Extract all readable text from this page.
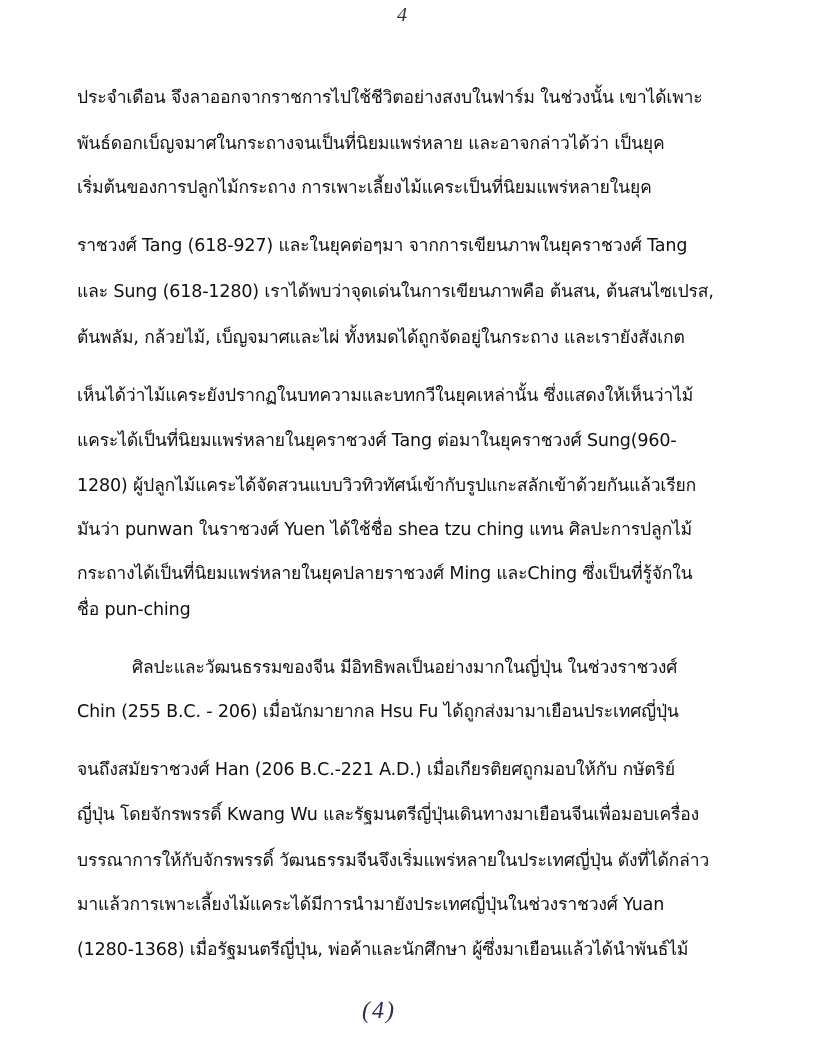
4
ประจำเดือน จึงลาออกจากราชการไปใช้ชีวิตอย่างสงบในฟาร์ม ในช่วงนั้น เขาได้เพาะ
พันธ์ดอกเบ็ญจมาศในกระถางจนเป็นที่นิยมแพร่หลาย และอาจกล่าวได้ว่า เป็นยุค
เริ่มต้นของการปลูกไม้กระถาง การเพาะเลี้ยงไม้แคระเป็นที่นิยมแพร่หลายในยุค
ราชวงศ์ Tang (618-927) และในยุคต่อๆมา จากการเขียนภาพในยุคราชวงศ์ Tang
และ Sung (618-1280) เราได้พบว่าจุดเด่นในการเขียนภาพคือ ต้นสน, ต้นสนไซเปรส,
ต้นพลัม, กล้วยไม้, เบ็ญจมาศและไผ่ ทั้งหมดได้ถูกจัดอยู่ในกระถาง และเรายังสังเกต
เห็นได้ว่าไม้แคระยังปรากฏในบทความและบทกวีในยุคเหล่านั้น ซึ่งแสดงให้เห็นว่าไม้
แคระได้เป็นที่นิยมแพร่หลายในยุคราชวงศ์ Tang ต่อมาในยุคราชวงศ์ Sung(960-
1280) ผู้ปลูกไม้แคระได้จัดสวนแบบวิวทิวทัศน์เข้ากับรูปแกะสลักเข้าด้วยกันแล้วเรียก
มันว่า punwan ในราชวงศ์ Yuen ได้ใช้ชื่อ shea tzu ching แทน ศิลปะการปลูกไม้
กระถางได้เป็นที่นิยมแพร่หลายในยุคปลายราชวงศ์ Ming และChing ซึ่งเป็นที่รู้จักใน
ชื่อ pun-ching
ศิลปะและวัฒนธรรมของจีน มีอิทธิพลเป็นอย่างมากในญี่ปุ่น ในช่วงราชวงศ์
Chin (255 B.C. - 206) เมื่อนักมายากล Hsu Fu ได้ถูกส่งมามาเยือนประเทศญี่ปุ่น
จนถึงสมัยราชวงศ์ Han (206 B.C.-221 A.D.) เมื่อเกียรติยศถูกมอบให้กับ กษัตริย์
ญี่ปุ่น โดยจักรพรรดิ์ Kwang Wu และรัฐมนตรีญี่ปุ่นเดินทางมาเยือนจีนเพื่อมอบเครื่อง
บรรณาการให้กับจักรพรรดิ์ วัฒนธรรมจีนจึงเริ่มแพร่หลายในประเทศญี่ปุ่น ดังที่ได้กล่าว
มาแล้วการเพาะเลี้ยงไม้แคระได้มีการนำมายังประเทศญี่ปุ่นในช่วงราชวงศ์ Yuan
(1280-1368) เมื่อรัฐมนตรีญี่ปุ่น, พ่อค้าและนักศึกษา ผู้ซึ่งมาเยือนแล้วได้นำพันธ์ไม้
(4)
